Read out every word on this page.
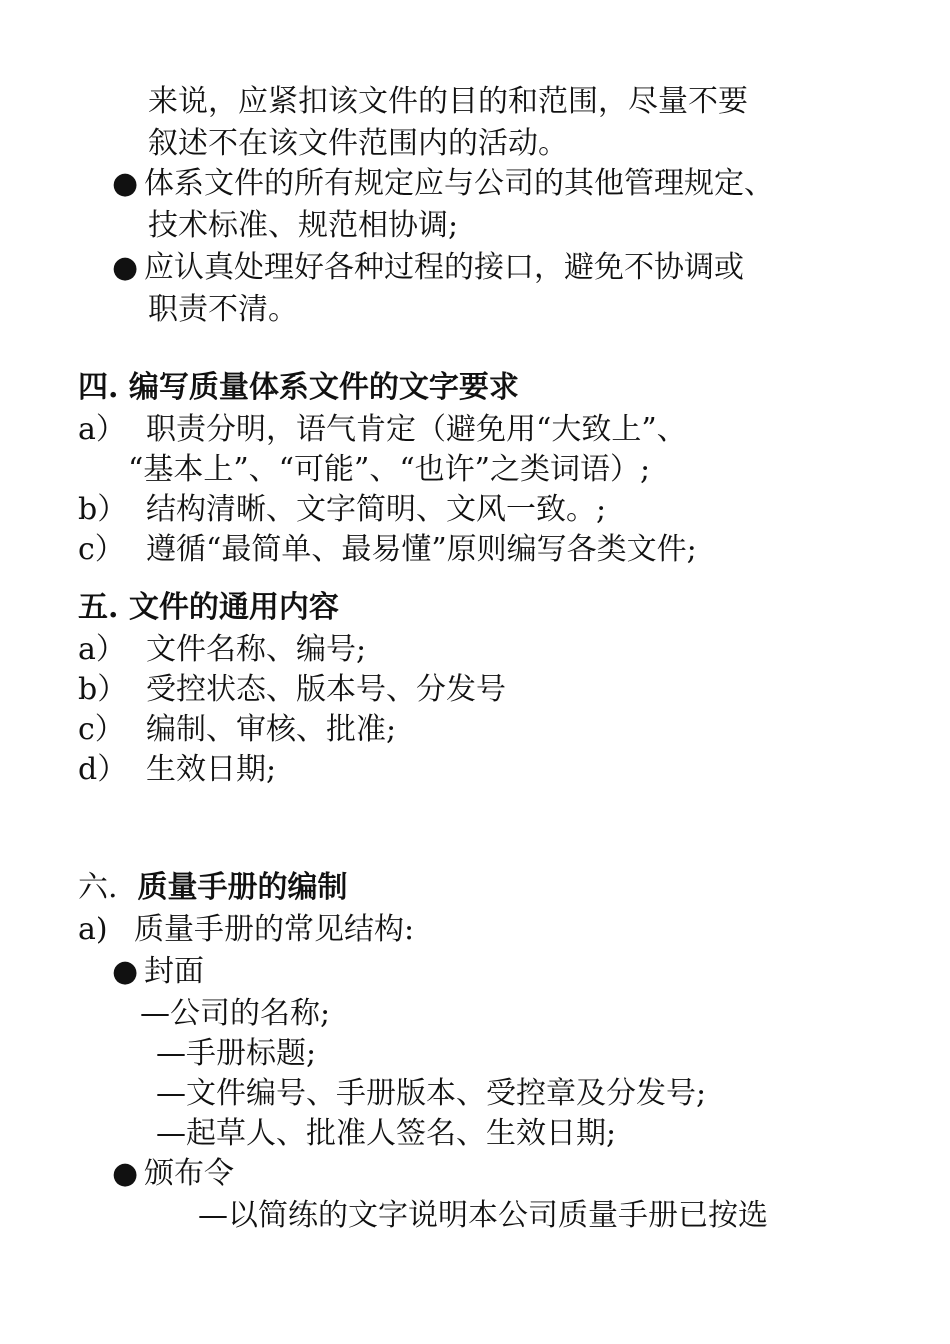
来说，应紧扣该文件的目的和范围，尽量不要
叙述不在该文件范围内的活动。
● 体系文件的所有规定应与公司的其他管理规定、
技术标准、规范相协调;
● 应认真处理好各种过程的接口，避免不协调或
职责不清。
四. 编写质量体系文件的文字要求
a） 职责分明，语气肯定（避免用“大致上”、
“基本上”、“可能”、“也许”之类词语）;
b） 结构清晰、文字简明、文风一致。;
c） 遵循“最简单、最易懂”原则编写各类文件;
五. 文件的通用内容
a） 文件名称、编号;
b） 受控状态、版本号、分发号
c） 编制、审核、批准;
d） 生效日期;
六. 质量手册的编制
a) 质量手册的常见结构:
● 封面
—公司的名称;
—手册标题;
—文件编号、手册版本、受控章及分发号;
—起草人、批准人签名、生效日期;
● 颁布令
—以简练的文字说明本公司质量手册已按选
